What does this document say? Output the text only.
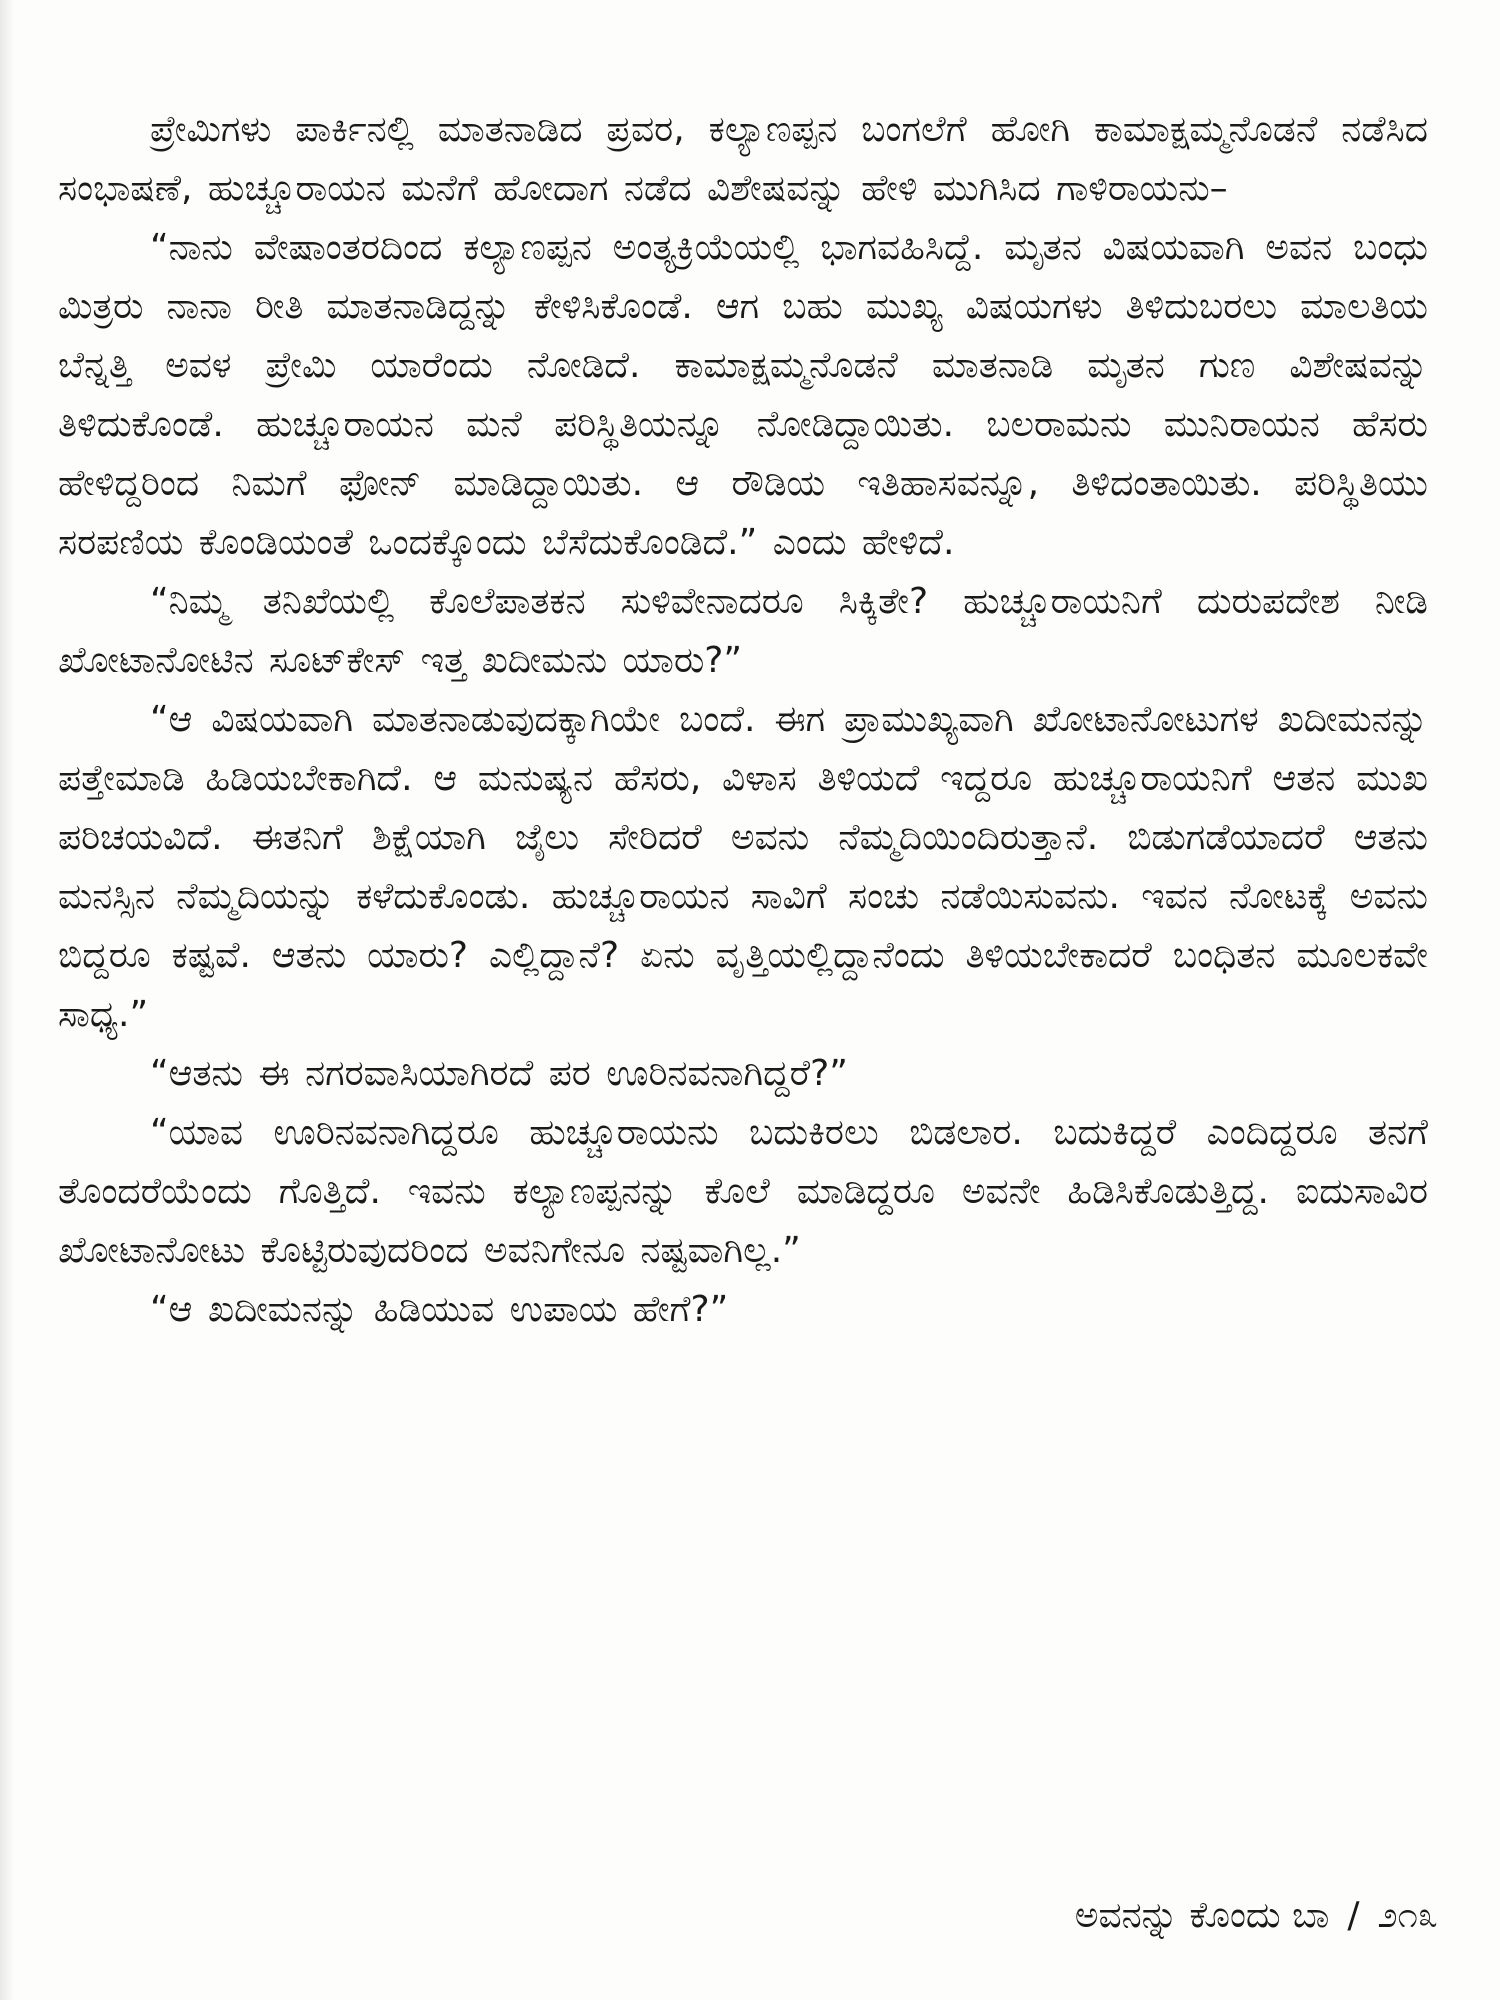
ಪ್ರೇಮಿಗಳು ಪಾರ್ಕಿನಲ್ಲಿ ಮಾತನಾಡಿದ ಪ್ರವರ, ಕಲ್ಯಾಣಪ್ಪನ ಬಂಗಲೆಗೆ ಹೋಗಿ ಕಾಮಾಕ್ಷಮ್ಮನೊಡನೆ ನಡೆಸಿದ ಸಂಭಾಷಣೆ, ಹುಚ್ಚೂರಾಯನ ಮನೆಗೆ ಹೋದಾಗ ನಡೆದ ವಿಶೇಷವನ್ನು ಹೇಳಿ ಮುಗಿಸಿದ ಗಾಳಿರಾಯನು–

“ನಾನು ವೇಷಾಂತರದಿಂದ ಕಲ್ಯಾಣಪ್ಪನ ಅಂತ್ಯಕ್ರಿಯೆಯಲ್ಲಿ ಭಾಗವಹಿಸಿದ್ದೆ. ಮೃತನ ವಿಷಯವಾಗಿ ಅವನ ಬಂಧು ಮಿತ್ರರು ನಾನಾ ರೀತಿ ಮಾತನಾಡಿದ್ದನ್ನು ಕೇಳಿಸಿಕೊಂಡೆ. ಆಗ ಬಹು ಮುಖ್ಯ ವಿಷಯಗಳು ತಿಳಿದುಬರಲು ಮಾಲತಿಯ ಬೆನ್ನತ್ತಿ ಅವಳ ಪ್ರೇಮಿ ಯಾರೆಂದು ನೋಡಿದೆ. ಕಾಮಾಕ್ಷಮ್ಮನೊಡನೆ ಮಾತನಾಡಿ ಮೃತನ ಗುಣ ವಿಶೇಷವನ್ನು ತಿಳಿದುಕೊಂಡೆ. ಹುಚ್ಚೂರಾಯನ ಮನೆ ಪರಿಸ್ಥಿತಿಯನ್ನೂ ನೋಡಿದ್ದಾಯಿತು. ಬಲರಾಮನು ಮುನಿರಾಯನ ಹೆಸರು ಹೇಳಿದ್ದರಿಂದ ನಿಮಗೆ ಫೋನ್ ಮಾಡಿದ್ದಾಯಿತು. ಆ ರೌಡಿಯ ಇತಿಹಾಸವನ್ನೂ, ತಿಳಿದಂತಾಯಿತು. ಪರಿಸ್ಥಿತಿಯು ಸರಪಣಿಯ ಕೊಂಡಿಯಂತೆ ಒಂದಕ್ಕೊಂದು ಬೆಸೆದುಕೊಂಡಿದೆ.” ಎಂದು ಹೇಳಿದೆ.

“ನಿಮ್ಮ ತನಿಖೆಯಲ್ಲಿ ಕೊಲೆಪಾತಕನ ಸುಳಿವೇನಾದರೂ ಸಿಕ್ಕಿತೇ? ಹುಚ್ಚೂರಾಯನಿಗೆ ದುರುಪದೇಶ ನೀಡಿ ಖೋಟಾನೋಟಿನ ಸೂಟ್‌ಕೇಸ್ ಇತ್ತ ಖದೀಮನು ಯಾರು?”

“ಆ ವಿಷಯವಾಗಿ ಮಾತನಾಡುವುದಕ್ಕಾಗಿಯೇ ಬಂದೆ. ಈಗ ಪ್ರಾಮುಖ್ಯವಾಗಿ ಖೋಟಾನೋಟುಗಳ ಖದೀಮನನ್ನು ಪತ್ತೇಮಾಡಿ ಹಿಡಿಯಬೇಕಾಗಿದೆ. ಆ ಮನುಷ್ಯನ ಹೆಸರು, ವಿಳಾಸ ತಿಳಿಯದೆ ಇದ್ದರೂ ಹುಚ್ಚೂರಾಯನಿಗೆ ಆತನ ಮುಖ ಪರಿಚಯವಿದೆ. ಈತನಿಗೆ ಶಿಕ್ಷೆಯಾಗಿ ಜೈಲು ಸೇರಿದರೆ ಅವನು ನೆಮ್ಮದಿಯಿಂದಿರುತ್ತಾನೆ. ಬಿಡುಗಡೆಯಾದರೆ ಆತನು ಮನಸ್ಸಿನ ನೆಮ್ಮದಿಯನ್ನು ಕಳೆದುಕೊಂಡು. ಹುಚ್ಚೂರಾಯನ ಸಾವಿಗೆ ಸಂಚು ನಡೆಯಿಸುವನು. ಇವನ ನೋಟಕ್ಕೆ ಅವನು ಬಿದ್ದರೂ ಕಷ್ಟವೆ. ಆತನು ಯಾರು? ಎಲ್ಲಿದ್ದಾನೆ? ಏನು ವೃತ್ತಿಯಲ್ಲಿದ್ದಾನೆಂದು ತಿಳಿಯಬೇಕಾದರೆ ಬಂಧಿತನ ಮೂಲಕವೇ ಸಾಧ್ಯ.”

“ಆತನು ಈ ನಗರವಾಸಿಯಾಗಿರದೆ ಪರ ಊರಿನವನಾಗಿದ್ದರೆ?”

“ಯಾವ ಊರಿನವನಾಗಿದ್ದರೂ ಹುಚ್ಚೂರಾಯನು ಬದುಕಿರಲು ಬಿಡಲಾರ. ಬದುಕಿದ್ದರೆ ಎಂದಿದ್ದರೂ ತನಗೆ ತೊಂದರೆಯೆಂದು ಗೊತ್ತಿದೆ. ಇವನು ಕಲ್ಯಾಣಪ್ಪನನ್ನು ಕೊಲೆ ಮಾಡಿದ್ದರೂ ಅವನೇ ಹಿಡಿಸಿಕೊಡುತ್ತಿದ್ದ. ಐದುಸಾವಿರ ಖೋಟಾನೋಟು ಕೊಟ್ಟಿರುವುದರಿಂದ ಅವನಿಗೇನೂ ನಷ್ಟವಾಗಿಲ್ಲ.”

“ಆ ಖದೀಮನನ್ನು ಹಿಡಿಯುವ ಉಪಾಯ ಹೇಗೆ?”

ಅವನನ್ನು ಕೊಂದು ಬಾ / ೨೧೩
